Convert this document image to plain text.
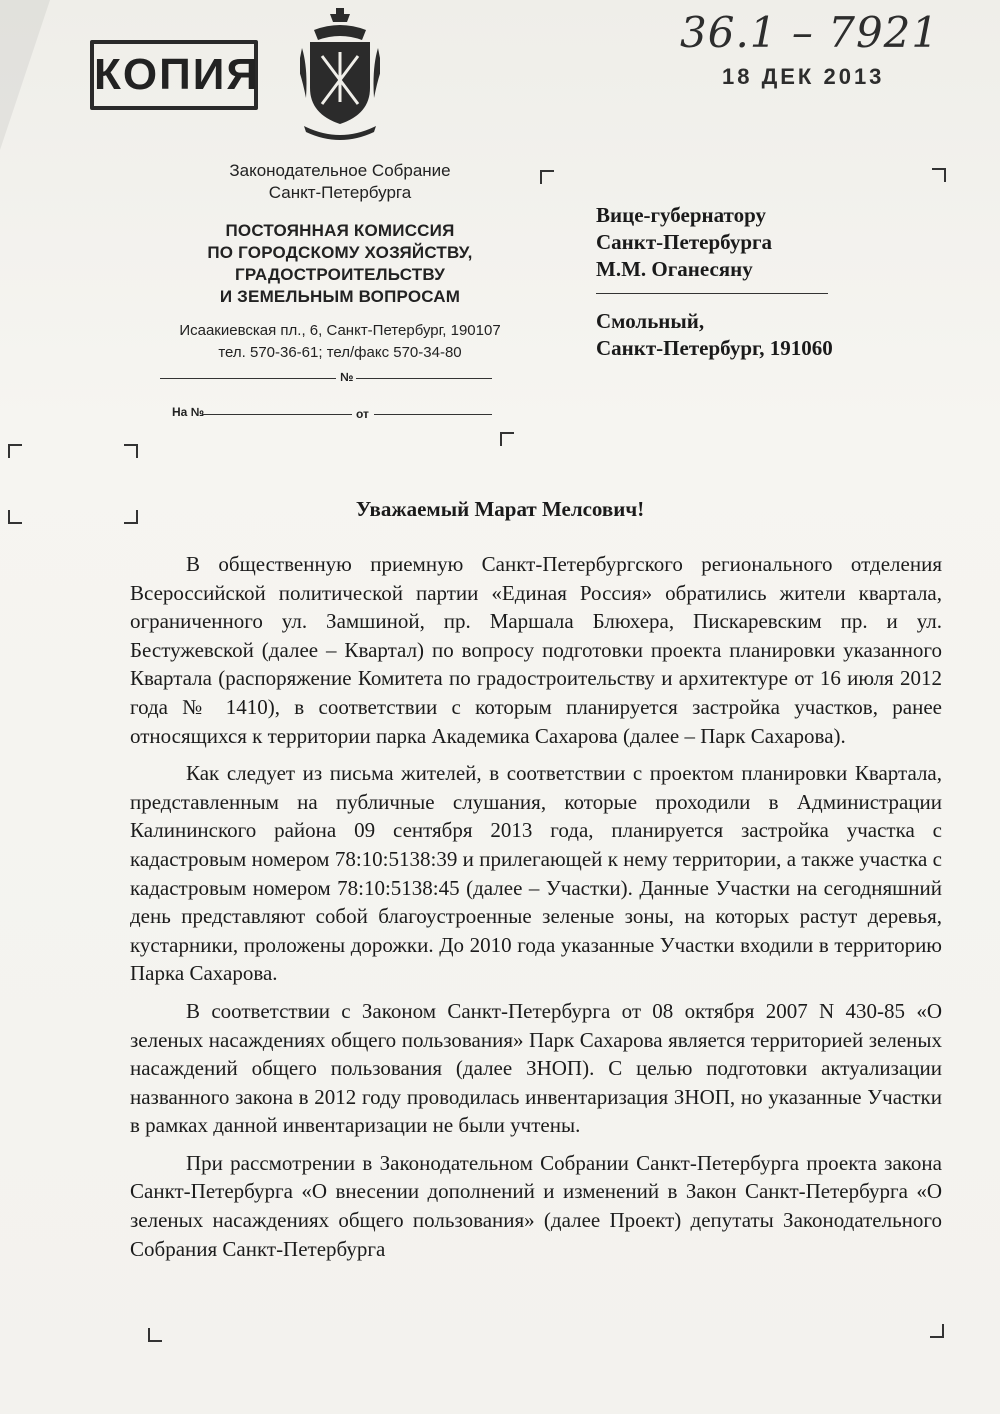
КОПИЯ
36.1 – 7921
18 ДЕК 2013
Законодательное Собрание
Санкт-Петербурга
ПОСТОЯННАЯ КОМИССИЯ
ПО ГОРОДСКОМУ ХОЗЯЙСТВУ,
ГРАДОСТРОИТЕЛЬСТВУ
И ЗЕМЕЛЬНЫМ ВОПРОСАМ
Исаакиевская пл., 6, Санкт-Петербург, 190107
тел. 570-36-61; тел/факс 570-34-80
№
На №	от
Вице-губернатору
Санкт-Петербурга
М.М. Оганесяну
Смольный,
Санкт-Петербург, 191060
Уважаемый Марат Мелсович!

В общественную приемную Санкт-Петербургского регионального отделения Всероссийской политической партии «Единая Россия» обратились жители квартала, ограниченного ул. Замшиной, пр. Маршала Блюхера, Пискаревским пр. и ул. Бестужевской (далее – Квартал) по вопросу подготовки проекта планировки указанного Квартала (распоряжение Комитета по градостроительству и архитектуре от 16 июля 2012 года № 1410), в соответствии с которым планируется застройка участков, ранее относящихся к территории парка Академика Сахарова (далее – Парк Сахарова).

Как следует из письма жителей, в соответствии с проектом планировки Квартала, представленным на публичные слушания, которые проходили в Администрации Калининского района 09 сентября 2013 года, планируется застройка участка с кадастровым номером 78:10:5138:39 и прилегающей к нему территории, а также участка с кадастровым номером 78:10:5138:45 (далее – Участки). Данные Участки на сегодняшний день представляют собой благоустроенные зеленые зоны, на которых растут деревья, кустарники, проложены дорожки. До 2010 года указанные Участки входили в территорию Парка Сахарова.

В соответствии с Законом Санкт-Петербурга от 08 октября 2007 N 430-85 «О зеленых насаждениях общего пользования» Парк Сахарова является территорией зеленых насаждений общего пользования (далее ЗНОП). С целью подготовки актуализации названного закона в 2012 году проводилась инвентаризация ЗНОП, но указанные Участки в рамках данной инвентаризации не были учтены.

При рассмотрении в Законодательном Собрании Санкт-Петербурга проекта закона Санкт-Петербурга «О внесении дополнений и изменений в Закон Санкт-Петербурга «О зеленых насаждениях общего пользования» (далее Проект) депутаты Законодательного Собрания Санкт-Петербурга
